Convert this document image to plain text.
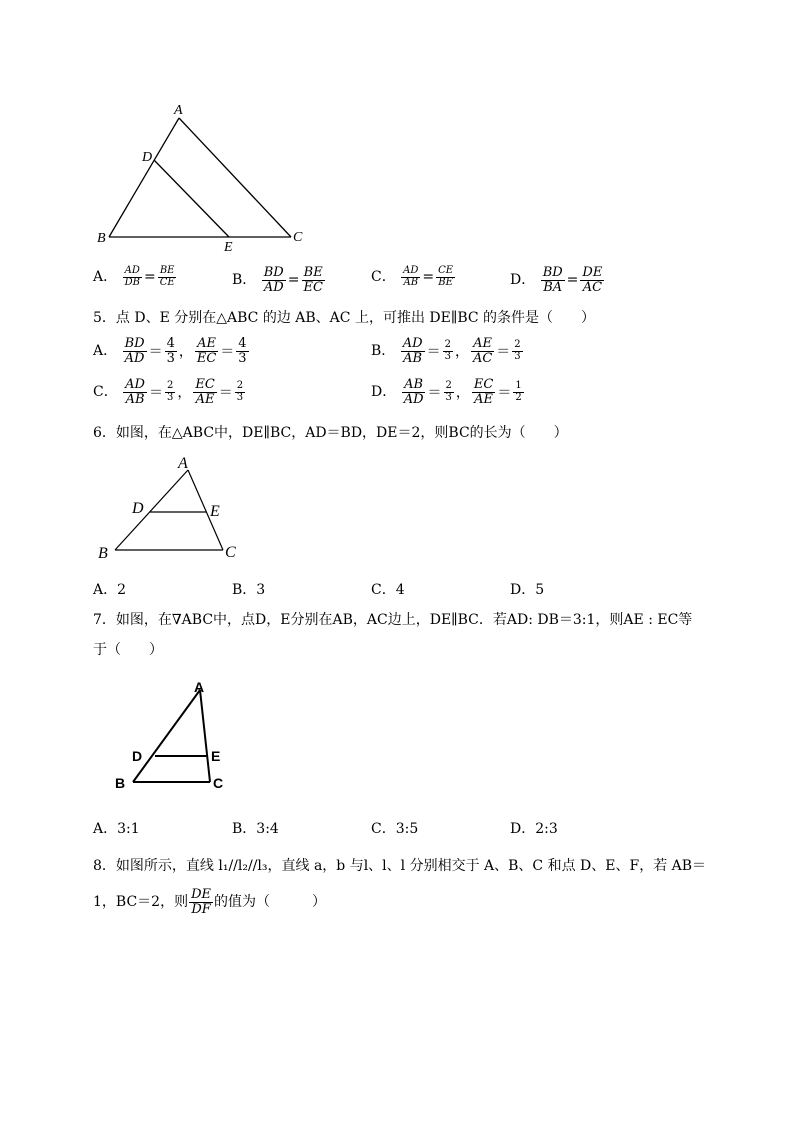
A
D
B
E
C
A． $\frac{AD}{DB} = \frac{BE}{CE}$	B． $\frac{BD}{AD} = \frac{BE}{EC}$	C． $\frac{AD}{AB} = \frac{CE}{BE}$	D． $\frac{BD}{BA} = \frac{DE}{AC}$
5．点 D、E 分别在△ABC 的边 AB、AC 上，可推出 DE∥BC 的条件是（　　）
A． $\frac{BD}{AD} = \frac{4}{3}$ ， $\frac{AE}{EC} = \frac{4}{3}$	B． $\frac{AD}{AB} = \frac{2}{3}$ ， $\frac{AE}{AC} = \frac{2}{3}$
C． $\frac{AD}{AB} = \frac{2}{3}$ ， $\frac{EC}{AE} = \frac{2}{3}$	D． $\frac{AB}{AD} = \frac{2}{3}$ ， $\frac{EC}{AE} = \frac{1}{2}$
6．如图，在△ABC中，DE∥BC，AD＝BD，DE＝2，则BC的长为（　　）
A
D	E
B	C
A．2	B．3	C．4	D．5
7．如图，在∇ABC中，点D，E分别在AB，AC边上，DE∥BC．若AD: DB＝3:1，则AE : EC等
于（　　）
A
D	E
B	C
A．3:1	B．3:4	C．3:5	D．2:3
8．如图所示，直线 l₁//l₂//l₃，直线 a，b 与l、l、l 分别相交于 A、B、C 和点 D、E、F，若 AB＝
1，BC＝2，则 $\frac{DE}{DF}$ 的值为（　　　）
